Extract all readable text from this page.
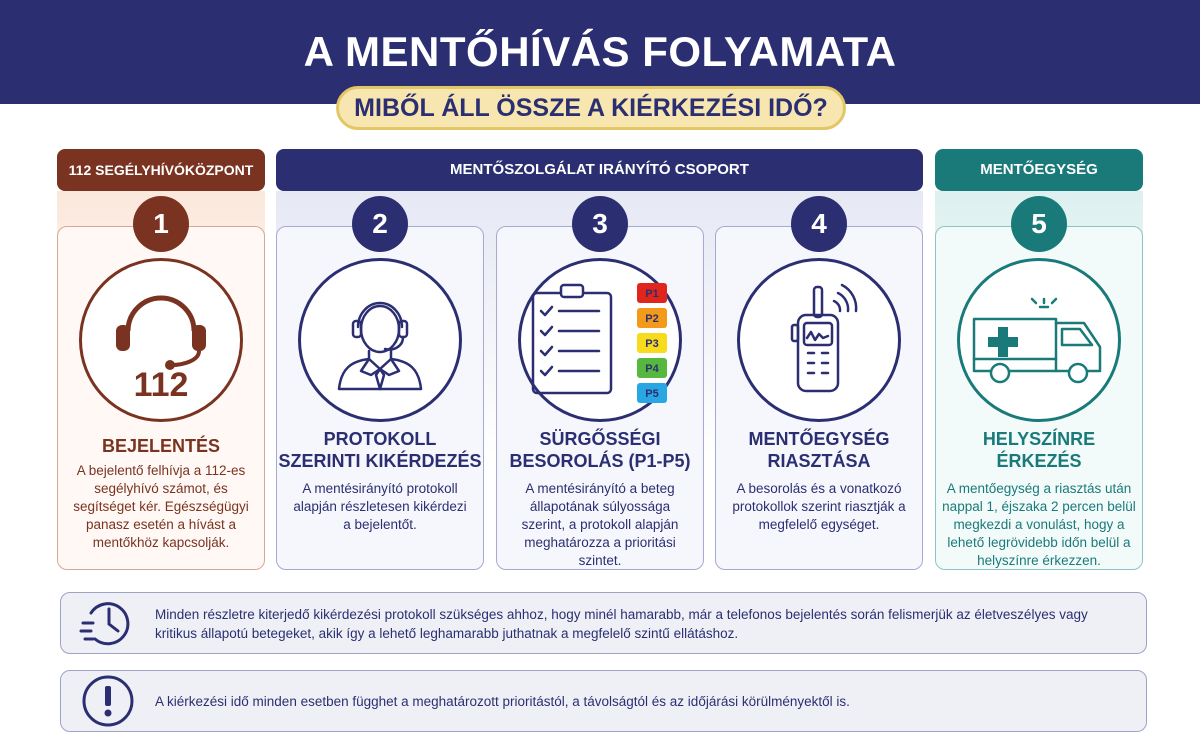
A MENTŐHÍVÁS FOLYAMATA
MIBŐL ÁLL ÖSSZE A KIÉRKEZÉSI IDŐ?
112 SEGÉLYHÍVÓKÖZPONT	MENTŐSZOLGÁLAT IRÁNYÍTÓ CSOPORT	MENTŐEGYSÉG
1	2	3	4	5
112
P1
P2
P3
P4
P5
BEJELENTÉS	PROTOKOLL
SZERINTI KIKÉRDEZÉS
SÜRGŐSSÉGI
BESOROLÁS (P1-P5)
MENTŐEGYSÉG
RIASZTÁSA
HELYSZÍNRE
ÉRKEZÉS
A bejelentő felhívja a 112-es segélyhívó számot, és segítséget kér. Egészségügyi panasz esetén a hívást a mentőkhöz kapcsolják.
A mentésirányító protokoll alapján részletesen kikérdezi a bejelentőt.
A mentésirányító a beteg állapotának súlyossága szerint, a protokoll alapján meghatározza a prioritási szintet.
A besorolás és a vonatkozó protokollok szerint riasztják a megfelelő egységet.
A mentőegység a riasztás után nappal 1, éjszaka 2 percen belül megkezdi a vonulást, hogy a lehető legrövidebb időn belül a helyszínre érkezzen.
Minden részletre kiterjedő kikérdezési protokoll szükséges ahhoz, hogy minél hamarabb, már a telefonos bejelentés során felismerjük az életveszélyes vagy kritikus állapotú betegeket, akik így a lehető leghamarabb juthatnak a megfelelő szintű ellátáshoz.
A kiérkezési idő minden esetben függhet a meghatározott prioritástól, a távolságtól és az időjárási körülményektől is.
